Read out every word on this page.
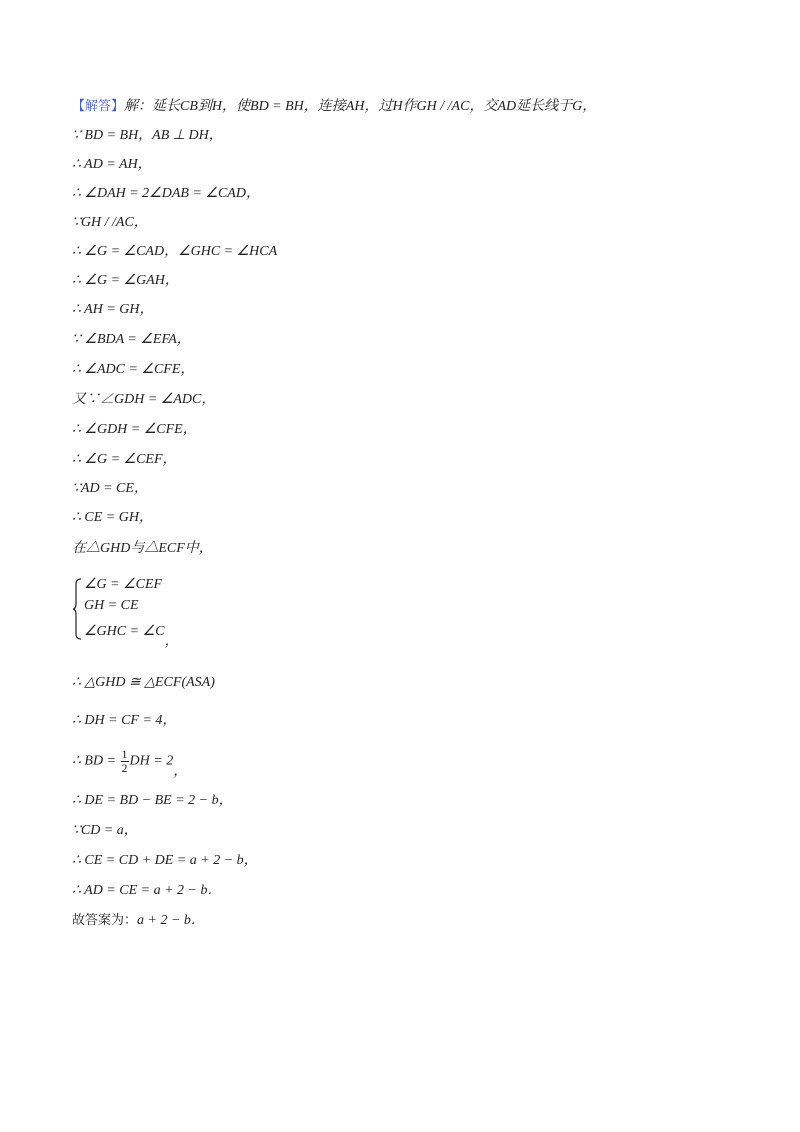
【解答】解：延长CB到H，使BD = BH，连接AH，过H作GH / /AC，交AD延长线于G，
∵ BD = BH，AB ⊥ DH，
∴ AD = AH，
∴ ∠DAH = 2∠DAB = ∠CAD，
∵GH / /AC，
∴ ∠G = ∠CAD，∠GHC = ∠HCA
∴ ∠G = ∠GAH，
∴ AH = GH，
∵ ∠BDA = ∠EFA，
∴ ∠ADC = ∠CFE，
又∵∠GDH = ∠ADC，
∴ ∠GDH = ∠CFE，
∴ ∠G = ∠CEF，
∵AD = CE，
∴ CE = GH，
在△GHD与△ECF中，
∠G = ∠CEF
GH = CE
∠GHC = ∠C，
∴ △GHD ≅ △ECF(ASA)
∴ DH = CF = 4，
∴ BD = $\frac{1}{2}$ DH = 2，
∴ DE = BD − BE = 2 − b，
∵CD = a，
∴ CE = CD + DE = a + 2 − b，
∴ AD = CE = a + 2 − b．
故答案为：a + 2 − b．
